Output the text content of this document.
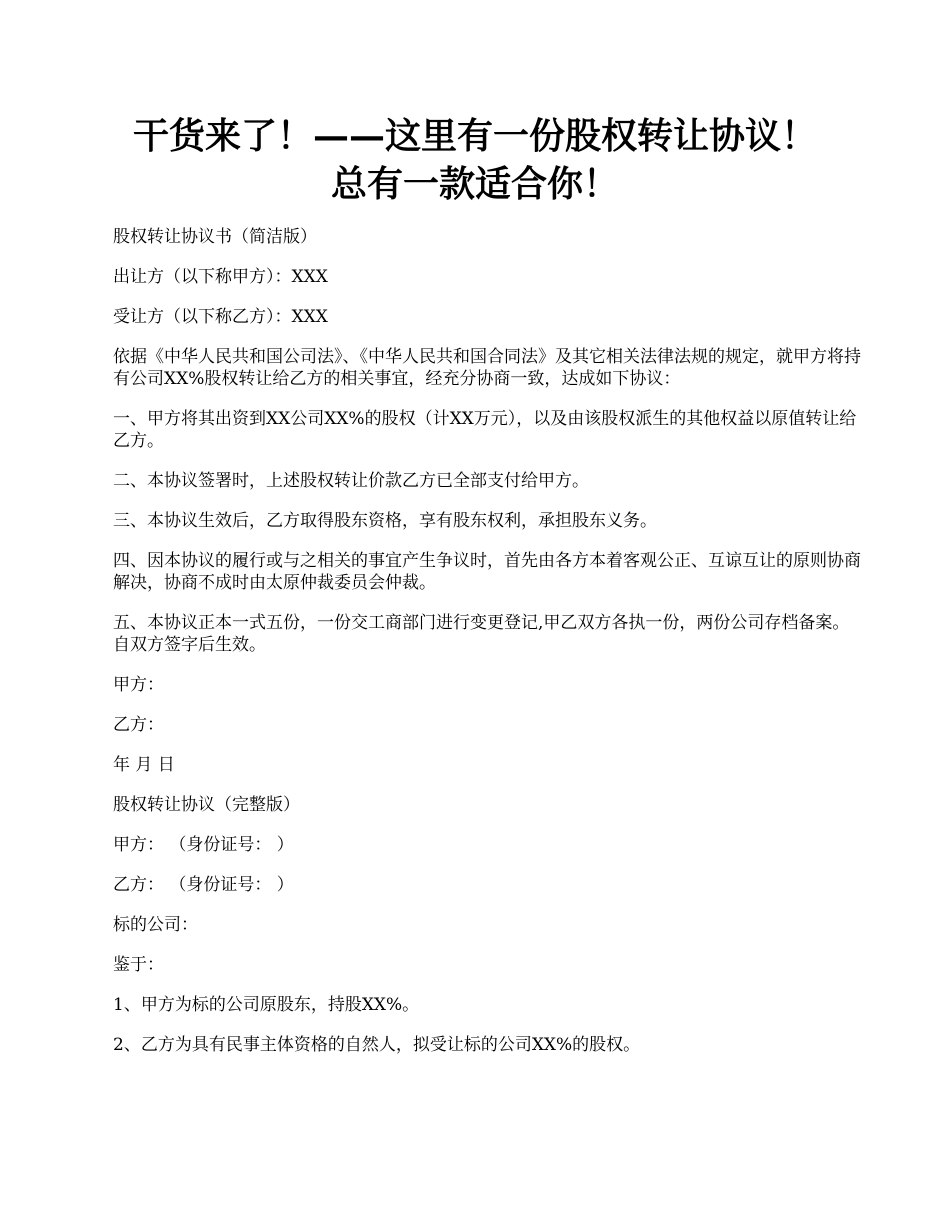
干货来了！——这里有一份股权转让协议！
总有一款适合你！

股权转让协议书（简洁版）

出让方（以下称甲方）：XXX

受让方（以下称乙方）：XXX

依据《中华人民共和国公司法》、《中华人民共和国合同法》及其它相关法律法规的规定，就甲方将持有公司XX%股权转让给乙方的相关事宜，经充分协商一致，达成如下协议：

一、甲方将其出资到XX公司XX%的股权（计XX万元），以及由该股权派生的其他权益以原值转让给乙方。

二、本协议签署时，上述股权转让价款乙方已全部支付给甲方。

三、本协议生效后，乙方取得股东资格，享有股东权利，承担股东义务。

四、因本协议的履行或与之相关的事宜产生争议时，首先由各方本着客观公正、互谅互让的原则协商解决，协商不成时由太原仲裁委员会仲裁。

五、本协议正本一式五份，一份交工商部门进行变更登记,甲乙双方各执一份，两份公司存档备案。自双方签字后生效。

甲方：

乙方：

年 月 日

股权转让协议（完整版）

甲方： （身份证号： ）

乙方： （身份证号： ）

标的公司：

鉴于：

1、甲方为标的公司原股东，持股XX%。

2、乙方为具有民事主体资格的自然人，拟受让标的公司XX%的股权。
